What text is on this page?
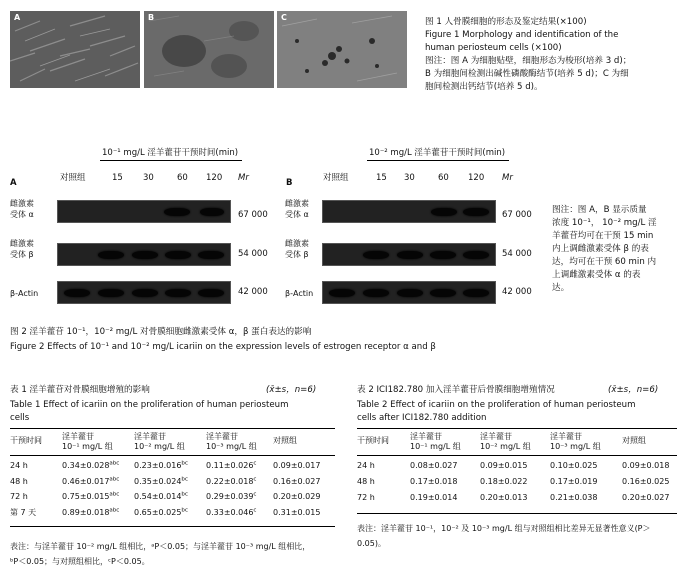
A	B	C	图 1 人骨膜细胞的形态及鉴定结果(×100)
Figure 1 Morphology and identification of the
human periosteum cells (×100)
图注：图 A 为细胞贴壁，细胞形态为梭形(培养 3 d)；
B 为细胞间检测出碱性磷酸酶结节(培养 5 d)；C 为细
胞间检测出钙结节(培养 5 d)。
10⁻¹ mg/L 淫羊藿苷干预时间(min)	10⁻² mg/L 淫羊藿苷干预时间(min)
A	对照组	15 30	60 120 Mr
雌激素
受体 α	67 000
雌激素
受体 β	54 000
β-Actin	42 000
B	对照组	15 30	60 120 Mr
雌激素
受体 α	67 000
雌激素
受体 β	54 000
β-Actin	42 000
图注：图 A，B 显示质量
浓度 10⁻¹， 10⁻² mg/L 淫
羊藿苷均可在干预 15 min
内上调雌激素受体 β 的表
达，均可在干预 60 min 内
上调雌激素受体 α 的表
达。
图 2 淫羊藿苷 10⁻¹，10⁻² mg/L 对骨膜细胞雌激素受体 α，β 蛋白表达的影响
Figure 2 Effects of 10⁻¹ and 10⁻² mg/L icariin on the expression levels of estrogen receptor α and β
表 1 淫羊藿苷对骨膜细胞增殖的影响	(x̄±s，n=6)
Table 1 Effect of icariin on the proliferation of human periosteum
cells
干预时间	淫羊藿苷
10⁻¹ mg/L 组
淫羊藿苷
10⁻² mg/L 组
淫羊藿苷
10⁻³ mg/L 组
对照组
24 h	0.34±0.028$^{abc}$ 0.23±0.016$^{bc}$ 0.11±0.026$^c$ 0.09±0.017
48 h	0.46±0.017$^{abc}$ 0.35±0.024$^{bc}$ 0.22±0.018$^c$ 0.16±0.027
72 h	0.75±0.015$^{abc}$ 0.54±0.014$^{bc}$ 0.29±0.039$^c$ 0.20±0.029
第 7 天	0.89±0.018$^{abc}$ 0.65±0.025$^{bc}$ 0.33±0.046$^c$ 0.31±0.015
表注：与淫羊藿苷 10⁻² mg/L 组相比，ᵃP＜0.05；与淫羊藿苷 10⁻³ mg/L 组相比，
ᵇP＜0.05；与对照组相比，ᶜP＜0.05。
表 2 ICI182.780 加入淫羊藿苷后骨膜细胞增殖情况	(x̄±s，n=6)
Table 2 Effect of icariin on the proliferation of human periosteum
cells after ICI182.780 addition
干预时间	淫羊藿苷
10⁻¹ mg/L 组
淫羊藿苷
10⁻² mg/L 组
淫羊藿苷
10⁻³ mg/L 组
对照组
24 h	0.08±0.027	0.09±0.015	0.10±0.025	0.09±0.018
48 h	0.17±0.018	0.18±0.022	0.17±0.019	0.16±0.025
72 h	0.19±0.014	0.20±0.013	0.21±0.038	0.20±0.027
表注：淫羊藿苷 10⁻¹，10⁻² 及 10⁻³ mg/L 组与对照组相比差异无显著性意义(P＞
0.05)。
